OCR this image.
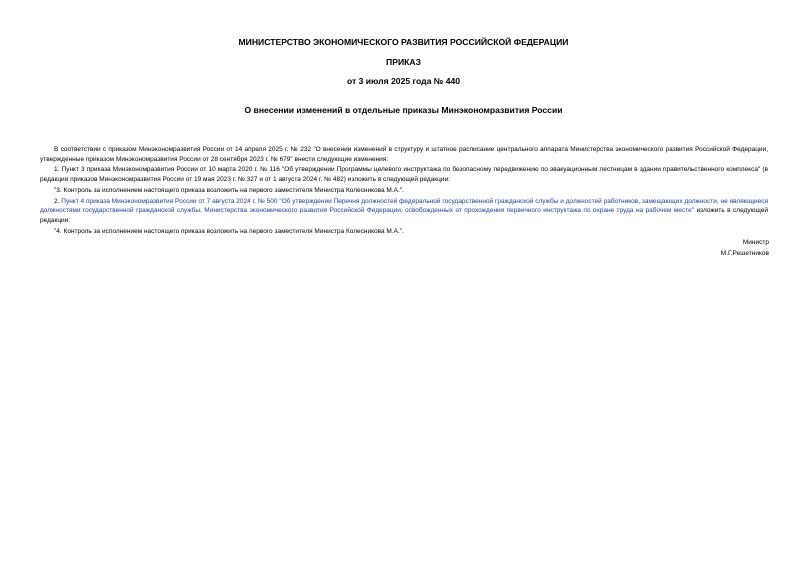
МИНИСТЕРСТВО ЭКОНОМИЧЕСКОГО РАЗВИТИЯ РОССИЙСКОЙ ФЕДЕРАЦИИ
ПРИКАЗ
от 3 июля 2025 года № 440
О внесении изменений в отдельные приказы Минэкономразвития России

В соответствии с приказом Минэкономразвития России от 14 апреля 2025 г. № 232 "О внесении изменений в структуру и штатное расписание центрального аппарата Министерства экономического развития Российской Федерации, утвержденные приказом Минэкономразвития России от 28 сентября 2023 г. № 679" внести следующие изменения:

1. Пункт 3 приказа Минэкономразвития России от 10 марта 2020 г. № 116 "Об утверждении Программы целевого инструктажа по безопасному передвижению по эвакуационным лестницам в здании правительственного комплекса" (в редакции приказов Минэкономразвития России от 19 мая 2023 г. № 327 и от 1 августа 2024 г. № 482) изложить в следующей редакции:

"3. Контроль за исполнением настоящего приказа возложить на первого заместителя Министра Колесникова М.А.".

2. Пункт 4 приказа Минэкономразвития России от 7 августа 2024 г. № 500 "Об утверждении Перечня должностей федеральной государственной гражданской службы и должностей работников, замещающих должности, не являющиеся должностями государственной гражданской службы, Министерства экономического развития Российской Федерации, освобожденных от прохождения первичного инструктажа по охране труда на рабочем месте" изложить в следующей редакции:

"4. Контроль за исполнением настоящего приказа возложить на первого заместителя Министра Колесникова М.А.".

Министр
М.Г.Решетников
